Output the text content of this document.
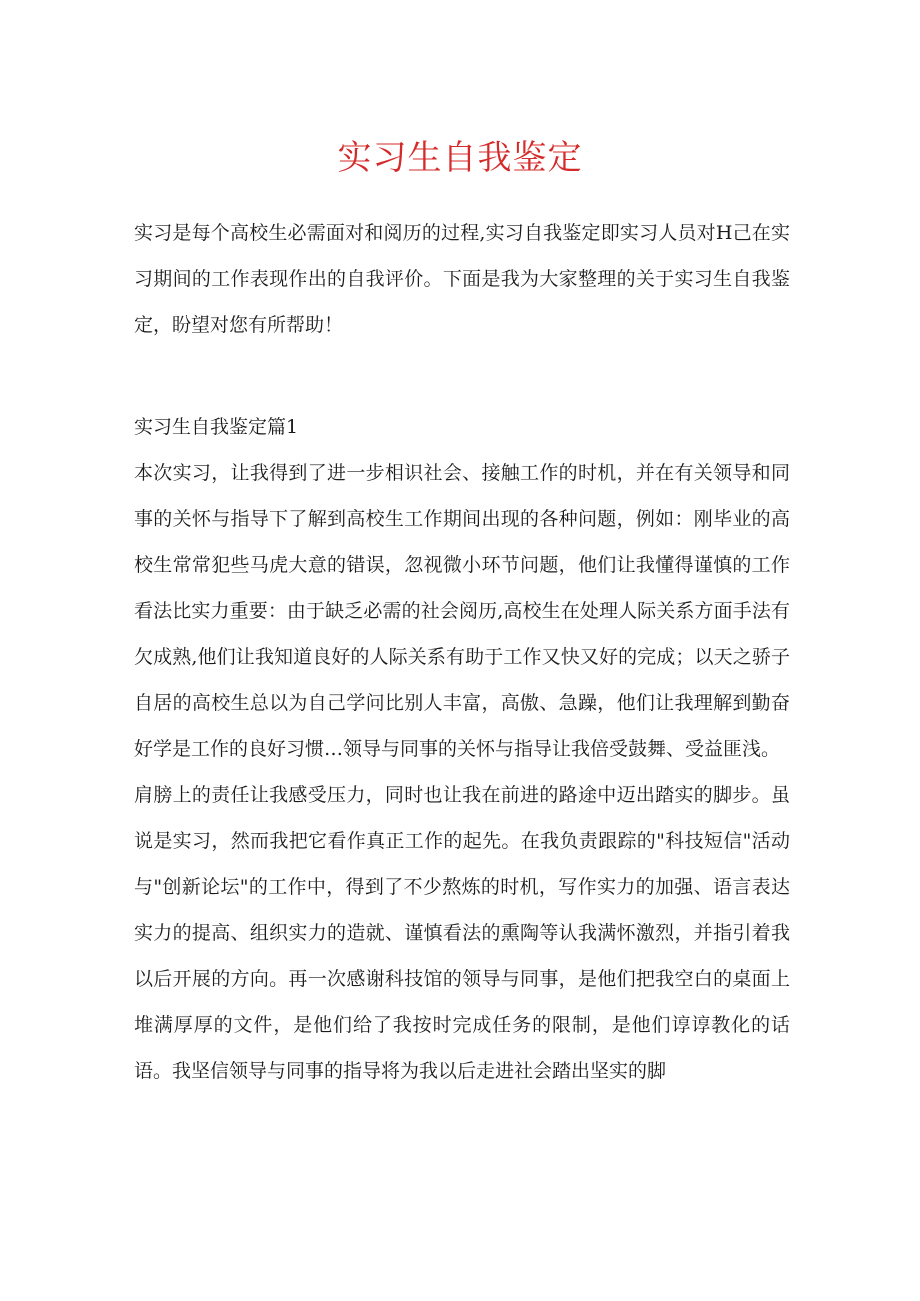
实习生自我鉴定

实习是每个高校生必需面对和阅历的过程,实习自我鉴定即实习人员对H己在实习期间的工作表现作出的自我评价。下面是我为大家整理的关于实习生自我鉴定，盼望对您有所帮助！

实习生自我鉴定篇1

本次实习，让我得到了进一步相识社会、接触工作的时机，并在有关领导和同事的关怀与指导下了解到高校生工作期间出现的各种问题，例如：刚毕业的高校生常常犯些马虎大意的错误，忽视微小环节问题，他们让我懂得谨慎的工作看法比实力重要：由于缺乏必需的社会阅历,高校生在处理人际关系方面手法有欠成熟,他们让我知道良好的人际关系有助于工作又快又好的完成；以天之骄子自居的高校生总以为自己学问比别人丰富，高傲、急躁，他们让我理解到勤奋好学是工作的良好习惯…领导与同事的关怀与指导让我倍受鼓舞、受益匪浅。

肩膀上的责任让我感受压力，同时也让我在前进的路途中迈出踏实的脚步。虽说是实习，然而我把它看作真正工作的起先。在我负责跟踪的"科技短信"活动与"创新论坛"的工作中，得到了不少熬炼的时机，写作实力的加强、语言表达实力的提高、组织实力的造就、谨慎看法的熏陶等认我满怀激烈，并指引着我以后开展的方向。再一次感谢科技馆的领导与同事，是他们把我空白的桌面上堆满厚厚的文件，是他们给了我按时完成任务的限制，是他们谆谆教化的话语。我坚信领导与同事的指导将为我以后走进社会踏出坚实的脚
